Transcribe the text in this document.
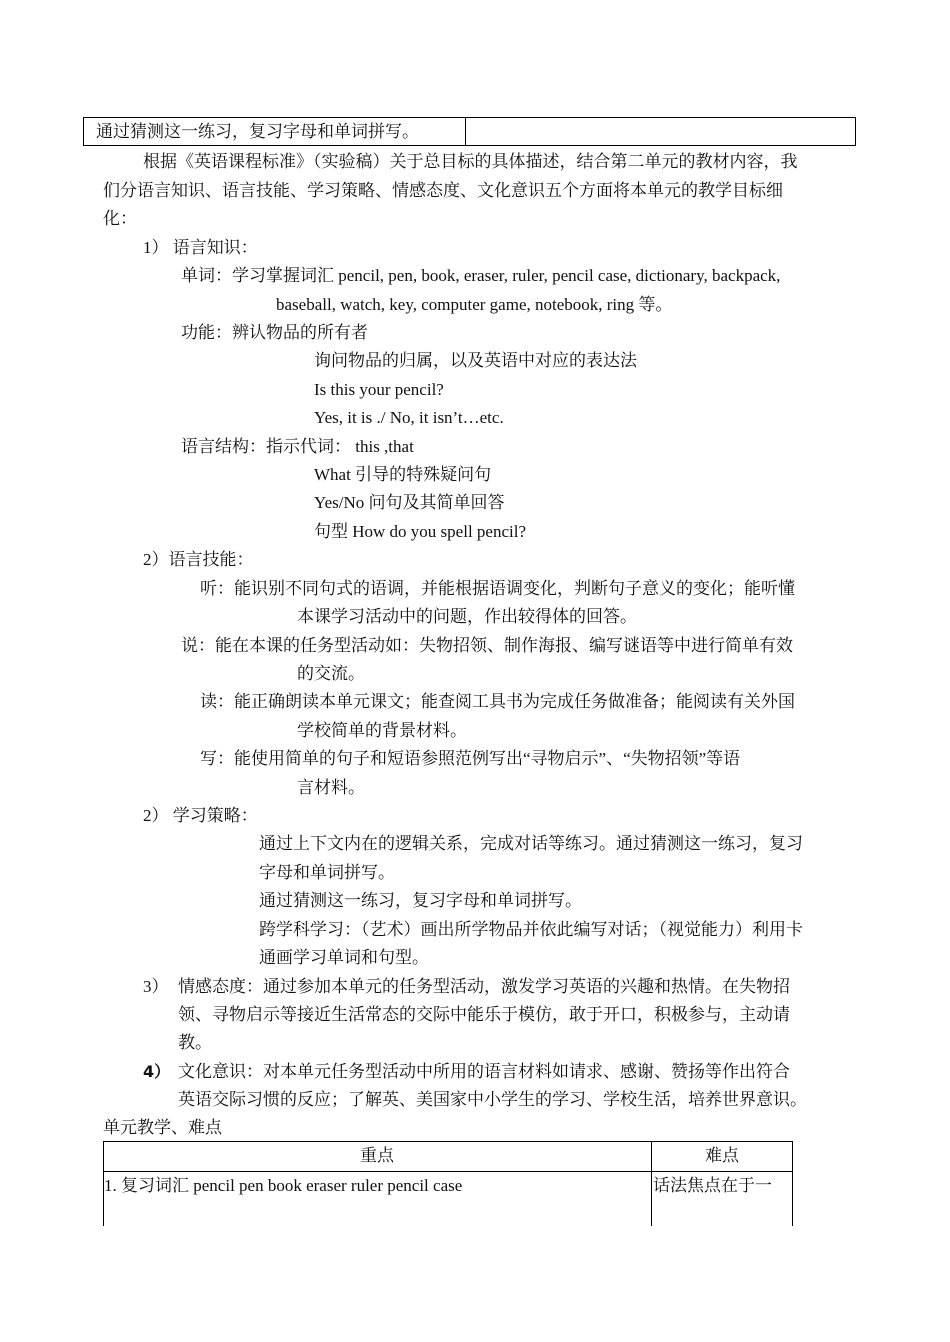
通过猜测这一练习，复习字母和单词拼写。
根据《英语课程标准》（实验稿）关于总目标的具体描述，结合第二单元的教材内容，我
们分语言知识、语言技能、学习策略、情感态度、文化意识五个方面将本单元的教学目标细
化：
1） 语言知识：
单词：学习掌握词汇 pencil, pen, book, eraser, ruler, pencil case, dictionary, backpack,
baseball, watch, key, computer game, notebook, ring 等。
功能：辨认物品的所有者
询问物品的归属，以及英语中对应的表达法
Is this your pencil?
Yes, it is ./ No, it isn’t…etc.
语言结构：指示代词： this ,that
What 引导的特殊疑问句
Yes/No 问句及其简单回答
句型 How do you spell pencil?
2）语言技能：
听：能识别不同句式的语调，并能根据语调变化，判断句子意义的变化；能听懂
本课学习活动中的问题，作出较得体的回答。
说：能在本课的任务型活动如：失物招领、制作海报、编写谜语等中进行简单有效
的交流。
读：能正确朗读本单元课文；能查阅工具书为完成任务做准备；能阅读有关外国
学校简单的背景材料。
写：能使用简单的句子和短语参照范例写出“寻物启示”、“失物招领”等语
言材料。
2） 学习策略：
通过上下文内在的逻辑关系，完成对话等练习。通过猜测这一练习，复习
字母和单词拼写。
通过猜测这一练习，复习字母和单词拼写。
跨学科学习：（艺术）画出所学物品并依此编写对话；（视觉能力）利用卡
通画学习单词和句型。
3） 情感态度：通过参加本单元的任务型活动，激发学习英语的兴趣和热情。在失物招
领、寻物启示等接近生活常态的交际中能乐于模仿，敢于开口，积极参与，主动请
教。
4） 文化意识：对本单元任务型活动中所用的语言材料如请求、感谢、赞扬等作出符合
英语交际习惯的反应；了解英、美国家中小学生的学习、学校生活，培养世界意识。
单元教学、难点
重点	难点
1. 复习词汇 pencil pen book eraser ruler pencil case	话法焦点在于一
